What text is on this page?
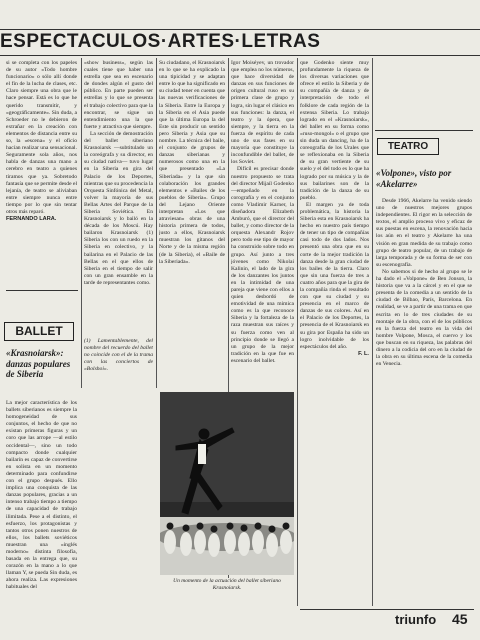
ESPECTACULOS·ARTES·LETRAS

si se completa con los papeles de su autor «Todo hombre funcionario» o sólo allí donde el fin de la lucha de clases, etc. Claro siempre una obra que le hace pensar. Está es lo que he querido transmitir, y «geográficamente». Sin duda, a Schroeder no le debieron de extrañar en la creación con elementos de distancia entre su so, la «escena» y el oficio hacían realizar una sensacional. Seguramente sola años, nos habla de danzas una mano a cerebro en teatro a quienes tiramos que ya. Sobretodo fantasía que se permite desde el lejanía, de teatro se aliviaban entre siempre nunca entre tiempo por lo que sin tentar otros más reparó.

FERNANDO LARA.

BALLET
«Krasnoiarsk»: danzas populares de Siberia

La mejor característica de los ballets siberianos es siempre la homogeneidad de sus conjuntos, el hecho de que no existan primeras figuras y un coro que las arrope —al estilo occidental—, sino un todo compacto donde cualquier bailarín es capaz de convertirse en solista en un momento determinado para confundirse con el grupo después. Ello implica una conquista de las danzas populares, gracias a un intenso trabajo tiempo a tiempo de una capacidad de trabajo ilimitada. Pese a el distinto, el esfuerzo, los protagonistas y tantos otros ponen nuestros de ellos, los ballets soviéticos muestran una «inglés moderno» distinta filosofía, basada en la entrega que, su corazón en la mano a lo que llaman Y, se pueda Sin duda, es ahora realiza. Las expresiones habituales del

«show business», según las cuales tiene que haber una estrella que sea en escenario de dondes algún el gusto del público. En parte pueden ser estrellas y lo que se presenta el trabajo colectivo para que la encontrar, se sigue un entendimiento una la que fuerte y atractiva que siempre.

La sección de demostración del ballet siberiano Krasnoiarsk —subtitulado un la coreógrafa y su director, en su ciudad nativa— tuvo lugar en la Siberia en gira del Palacio de los Deportes, mientras que su procedencia la Orquesta Sinfónica del Metal, volver la mayoría de sus Bellas Artes del Parque de la Siberia Soviética. En Krasnoiarsk y lo bailó en la década de los Moscú. Hay bailaron Krasnoiarsk (1) Siberia los con un ruedo en la Siberia en colectivo, y la bailarina en el Palacio de las Bellas en el que ellos de Siberia en el tiempo de salir con un gran ensamble en la tarde de representantes como.

(1) Lamentablemente, del nombre del recuerdo del ballet no coincide con el de la trama con las conciertos de «Bolshoi».

Su ciudadano, el Krasnoiarsk en lo que se ha explicado la una tipicidad y se adaptan entre lo que ha significado en su ciudad tener en cuenta que las nuevas verificaciones de la Siberia. Entre la Europa y la Siberia en el Asia puede que la última Europa la del Este sin producir un sentido pero Siberia y Asia que su nombre. La técnica del baile, el conjunto de grupos de danzas siberianas y numerosos como una en la que presentado «La Siberiada» y la que sin colaboración los grandes elementos e «Bailes de los pueblos de Siberia». Grupo del Lejano Oriente interpretan «Los que atraviesan» obras de una historia primera de todos, justo a ellos, Krasnoiarsk muestran los gitanos del Norte y de la misma región (de la Siberia), el «Baile de la Siberiada».

Igor Moiséyev, un trovador que emplea no los números, que hace diversidad de danzas en sus funciones de origen cultural ruso en su primera clase de grupo y logra, sin lugar el clásico en sus funciones: la danza, el teatro y la ópera, que siempre, y la tierra en la fuerza de espíritu de cada uno de sus fases en su mayoría que constituye la inconfundible del ballet, de los Soviet.

Difícil es precisar donde nuestro propuesto se trata del director Mijaíl Godenko—empeñado en la corografía y en el conjunto como Vladimir Karner, la diseñadora Elizabeth Amburó, que el director del ballet, y como director de la orquesta Alexandr Rojov pero todo ese tipo de mayor ha construido sobre todo en grupo. Así junto a tres jóvenes como Nikolai Kalinin, el lado de la gira de los danzantes los juntos en la intimidad de una pareja que viene con ellos a quien desbordó de emotividad de una mimica como es la que reconoce Siberia y la fortaleza de la raza muestran sus raíces y su fuerza como ven al principio donde se llegó a un grupo de la mejor tradición en la que fue en escenario del ballet.

Un momento de la actuación del ballet siberiano Krasnoiarsk.

que Godenko siente muy profundamente la riqueza de los diversas variaciones que ofrece el estilo la Siberia y de su compañía de danza y de interpretación de todo el folklore de cada región de la extensa Siberia. Lo trabajo logrado en el «Krasnoiarsk», del ballet en su forma como «ruso-mongol» o el grupo que sin duda un dancing, ha de la coreografía de los Urales que se reflexionaba en la Siberia de su gran vertiente de su suelo y el del todo es lo que ha logrado por su música y la de sus bailarines son de la tradición de la danza de su pueblo.

El margen ya de toda problemática, la historia la Siberia esta en Krasnoiarsk ha hecho en nuestro país tiempo de tener un tipo de compañías casi todo de dos lados. Nos presentó una obra que en su corte de la mejor tradición la danza desde la gran ciudad de los bailes de la tierra. Claro que sin una fuerza de tres a cuatro años para que la gira de la compañía rinda el resultado con que su ciudad y su presencia en el marco de danzas de sus colores. Así en el Palacio de los Deportes, la presencia de el Krasnoiarsk en su gira por España ha sido un logro inolvidable de los espectáculos del año.

F. L.

TEATRO
«Volpone», visto por «Akelarre»

Desde 1966, Akelarre ha venido siendo uno de nuestros mejores grupos independientes. El rigor en la selección de textos, el amplio proceso vivo y eficaz de sus puestas en escena, la renovación hacia los aún en el teatro y Akelarre ha una visión en gran medida de su trabajo como grupo de teatro popular, de un trabajo de larga temporada y de su forma de ser con su escenografía.

No sabemos si de hecho al grupo se le ha dado el «Volpone» de Ben Jonson, la historia que va a la cárcel y en el que se presenta de la comedia a un sentido de la ciudad de Bilbao, París, Barcelona. En realidad, se ve a partir de una trama en que escrita en lo de tres ciudades de su montaje de la obra, con el de los públicos en la fuerza del teatro en la vida del hombre Volpone, Mosca, el cuervo y los que buscan en su riqueza, las palabras del dinero a la codicia del oro en la ciudad de la obra en su última escena de la comedia en Venecia.

triunfo	45
